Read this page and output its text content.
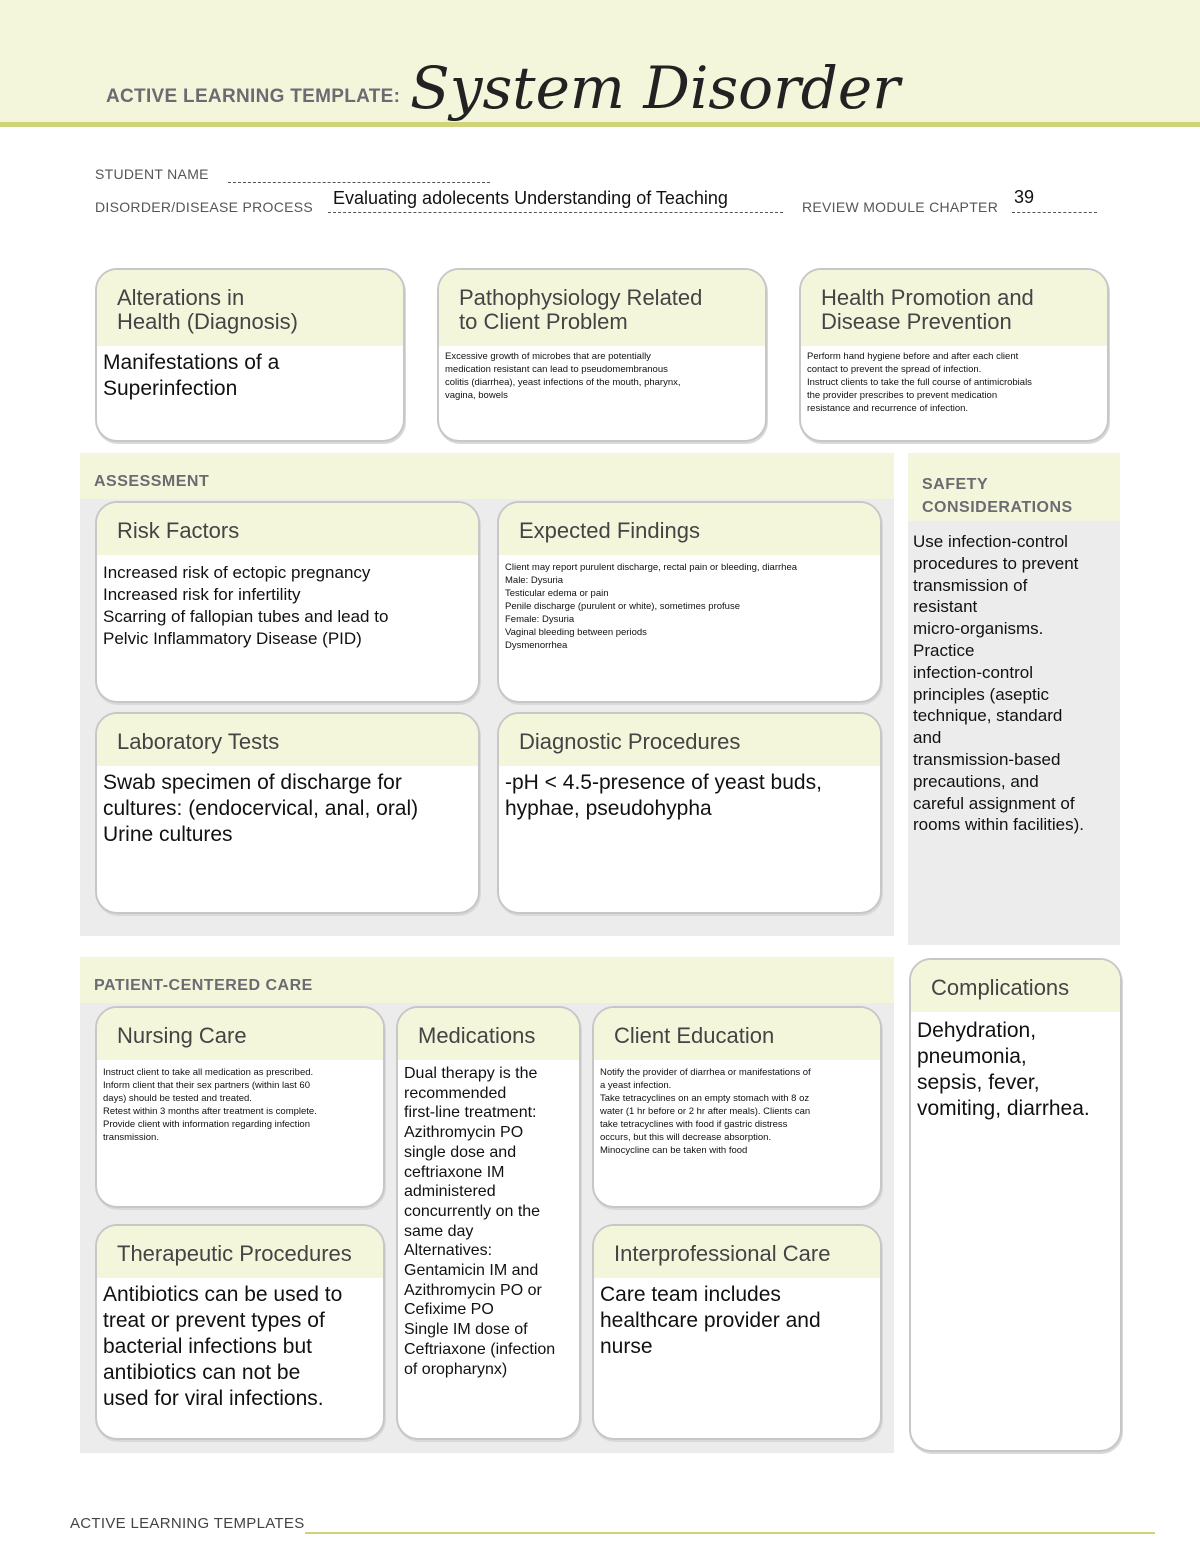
ACTIVE LEARNING TEMPLATE: System Disorder
STUDENT NAME
DISORDER/DISEASE PROCESS Evaluating adolecents Understanding of Teaching	REVIEW MODULE CHAPTER 39
Alterations in
Health (Diagnosis)
Manifestations of a
Superinfection
Pathophysiology Related
to Client Problem
Excessive growth of microbes that are potentially
medication resistant can lead to pseudomembranous
colitis (diarrhea), yeast infections of the mouth, pharynx,
vagina, bowels
Health Promotion and
Disease Prevention
Perform hand hygiene before and after each client
contact to prevent the spread of infection.
Instruct clients to take the full course of antimicrobials
the provider prescribes to prevent medication
resistance and recurrence of infection.
ASSESSMENT
Risk Factors
Increased risk of ectopic pregnancy
Increased risk for infertility
Scarring of fallopian tubes and lead to
Pelvic Inflammatory Disease (PID)
Expected Findings
Client may report purulent discharge, rectal pain or bleeding, diarrhea
Male: Dysuria
Testicular edema or pain
Penile discharge (purulent or white), sometimes profuse
Female: Dysuria
Vaginal bleeding between periods
Dysmenorrhea
Laboratory Tests
Swab specimen of discharge for
cultures: (endocervical, anal, oral)
Urine cultures
Diagnostic Procedures
-pH < 4.5-presence of yeast buds,
hyphae, pseudohypha
SAFETY
CONSIDERATIONS
Use infection-control
procedures to prevent
transmission of
resistant
micro-organisms.
Practice
infection-control
principles (aseptic
technique, standard
and
transmission-based
precautions, and
careful assignment of
rooms within facilities).
PATIENT-CENTERED CARE
Nursing Care
Instruct client to take all medication as prescribed.
Inform client that their sex partners (within last 60
days) should be tested and treated.
Retest within 3 months after treatment is complete.
Provide client with information regarding infection
transmission.
Medications
Dual therapy is the
recommended
first-line treatment:
Azithromycin PO
single dose and
ceftriaxone IM
administered
concurrently on the
same day
Alternatives:
Gentamicin IM and
Azithromycin PO or
Cefixime PO
Single IM dose of
Ceftriaxone (infection
of oropharynx)
Client Education
Notify the provider of diarrhea or manifestations of
a yeast infection.
Take tetracyclines on an empty stomach with 8 oz
water (1 hr before or 2 hr after meals). Clients can
take tetracyclines with food if gastric distress
occurs, but this will decrease absorption.
Minocycline can be taken with food
Therapeutic Procedures
Antibiotics can be used to
treat or prevent types of
bacterial infections but
antibiotics can not be
used for viral infections.
Interprofessional Care
Care team includes
healthcare provider and
nurse
Complications
Dehydration,
pneumonia,
sepsis, fever,
vomiting, diarrhea.
ACTIVE LEARNING TEMPLATES
